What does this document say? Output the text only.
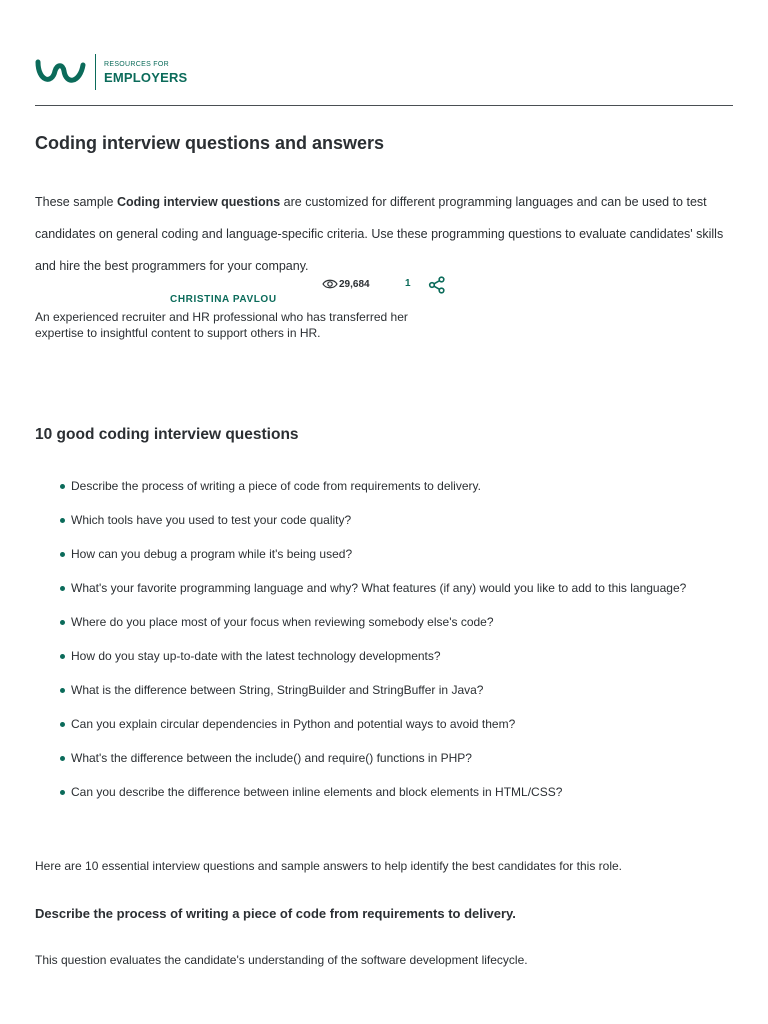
RESOURCES FOR
EMPLOYERS
Coding interview questions and answers

These sample Coding interview questions are customized for different programming languages and can be used to test candidates on general coding and language-specific criteria. Use these programming questions to evaluate candidates' skills and hire the best programmers for your company.

CHRISTINA PAVLOU
29,684	1

An experienced recruiter and HR professional who has transferred her expertise to insightful content to support others in HR.

10 good coding interview questions
Describe the process of writing a piece of code from requirements to delivery.
Which tools have you used to test your code quality?
How can you debug a program while it's being used?
What's your favorite programming language and why? What features (if any) would you like to add to this language?
Where do you place most of your focus when reviewing somebody else's code?
How do you stay up-to-date with the latest technology developments?
What is the difference between String, StringBuilder and StringBuffer in Java?
Can you explain circular dependencies in Python and potential ways to avoid them?
What's the difference between the include() and require() functions in PHP?
Can you describe the difference between inline elements and block elements in HTML/CSS?

Here are 10 essential interview questions and sample answers to help identify the best candidates for this role.

Describe the process of writing a piece of code from requirements to delivery.

This question evaluates the candidate's understanding of the software development lifecycle.
